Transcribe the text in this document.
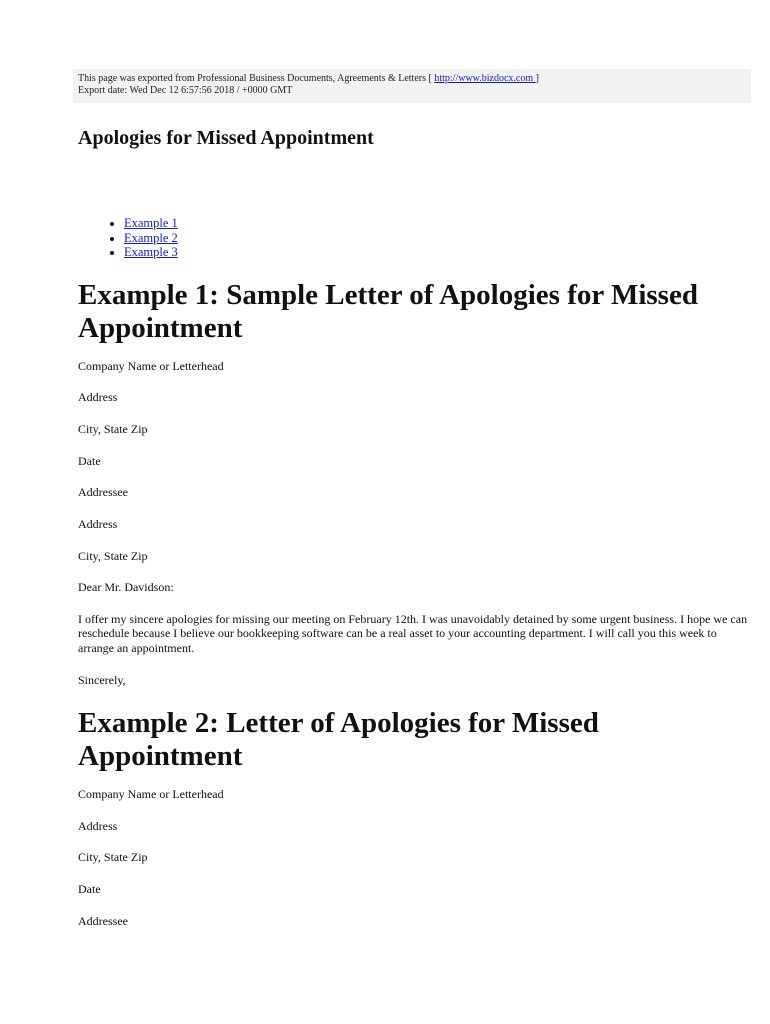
This page was exported from Professional Business Documents, Agreements & Letters [ http://www.bizdocx.com ]
Export date: Wed Dec 12 6:57:56 2018 / +0000 GMT
Apologies for Missed Appointment
• Example 1
• Example 2
• Example 3
Example 1: Sample Letter of Apologies for Missed Appointment

Company Name or Letterhead

Address

City, State Zip

Date

Addressee

Address

City, State Zip

Dear Mr. Davidson:

I offer my sincere apologies for missing our meeting on February 12th. I was unavoidably detained by some urgent business. I hope we can reschedule because I believe our bookkeeping software can be a real asset to your accounting department. I will call you this week to arrange an appointment.

Sincerely,

Example 2: Letter of Apologies for Missed Appointment

Company Name or Letterhead

Address

City, State Zip

Date

Addressee
